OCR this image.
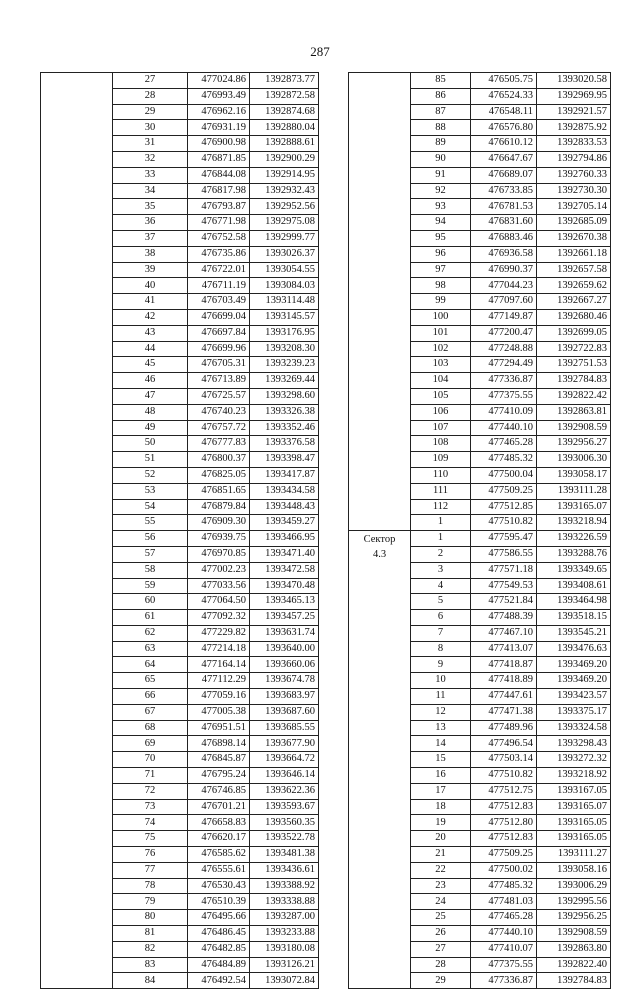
287
	27	477024.86	1392873.77
	28	476993.49	1392872.58
	29	476962.16	1392874.68
	30	476931.19	1392880.04
	31	476900.98	1392888.61
	32	476871.85	1392900.29
	33	476844.08	1392914.95
	34	476817.98	1392932.43
	35	476793.87	1392952.56
	36	476771.98	1392975.08
	37	476752.58	1392999.77
	38	476735.86	1393026.37
	39	476722.01	1393054.55
	40	476711.19	1393084.03
	41	476703.49	1393114.48
	42	476699.04	1393145.57
	43	476697.84	1393176.95
	44	476699.96	1393208.30
	45	476705.31	1393239.23
	46	476713.89	1393269.44
	47	476725.57	1393298.60
	48	476740.23	1393326.38
	49	476757.72	1393352.46
	50	476777.83	1393376.58
	51	476800.37	1393398.47
	52	476825.05	1393417.87
	53	476851.65	1393434.58
	54	476879.84	1393448.43
	55	476909.30	1393459.27
	56	476939.75	1393466.95
	57	476970.85	1393471.40
	58	477002.23	1393472.58
	59	477033.56	1393470.48
	60	477064.50	1393465.13
	61	477092.32	1393457.25
	62	477229.82	1393631.74
	63	477214.18	1393640.00
	64	477164.14	1393660.06
	65	477112.29	1393674.78
	66	477059.16	1393683.97
	67	477005.38	1393687.60
	68	476951.51	1393685.55
	69	476898.14	1393677.90
	70	476845.87	1393664.72
	71	476795.24	1393646.14
	72	476746.85	1393622.36
	73	476701.21	1393593.67
	74	476658.83	1393560.35
	75	476620.17	1393522.78
	76	476585.62	1393481.38
	77	476555.61	1393436.61
	78	476530.43	1393388.92
	79	476510.39	1393338.88
	80	476495.66	1393287.00
	81	476486.45	1393233.88
	82	476482.85	1393180.08
	83	476484.89	1393126.21
	84	476492.54	1393072.84
	85	476505.75	1393020.58
	86	476524.33	1392969.95
	87	476548.11	1392921.57
	88	476576.80	1392875.92
	89	476610.12	1392833.53
	90	476647.67	1392794.86
	91	476689.07	1392760.33
	92	476733.85	1392730.30
	93	476781.53	1392705.14
	94	476831.60	1392685.09
	95	476883.46	1392670.38
	96	476936.58	1392661.18
	97	476990.37	1392657.58
	98	477044.23	1392659.62
	99	477097.60	1392667.27
	100	477149.87	1392680.46
	101	477200.47	1392699.05
	102	477248.88	1392722.83
	103	477294.49	1392751.53
	104	477336.87	1392784.83
	105	477375.55	1392822.42
	106	477410.09	1392863.81
	107	477440.10	1392908.59
	108	477465.28	1392956.27
	109	477485.32	1393006.30
	110	477500.04	1393058.17
	111	477509.25	1393111.28
	112	477512.85	1393165.07
	1	477510.82	1393218.94

Сектор
4.3	1	477595.47	1393226.59
	2	477586.55	1393288.76
	3	477571.18	1393349.65
	4	477549.53	1393408.61
	5	477521.84	1393464.98
	6	477488.39	1393518.15
	7	477467.10	1393545.21
	8	477413.07	1393476.63
	9	477418.87	1393469.20
	10	477418.89	1393469.20
	11	477447.61	1393423.57
	12	477471.38	1393375.17
	13	477489.96	1393324.58
	14	477496.54	1393298.43
	15	477503.14	1393272.32
	16	477510.82	1393218.92
	17	477512.75	1393167.05
	18	477512.83	1393165.07
	19	477512.80	1393165.05
	20	477512.83	1393165.05
	21	477509.25	1393111.27
	22	477500.02	1393058.16
	23	477485.32	1393006.29
	24	477481.03	1392995.56
	25	477465.28	1392956.25
	26	477440.10	1392908.59
	27	477410.07	1392863.80
	28	477375.55	1392822.40
	29	477336.87	1392784.83
